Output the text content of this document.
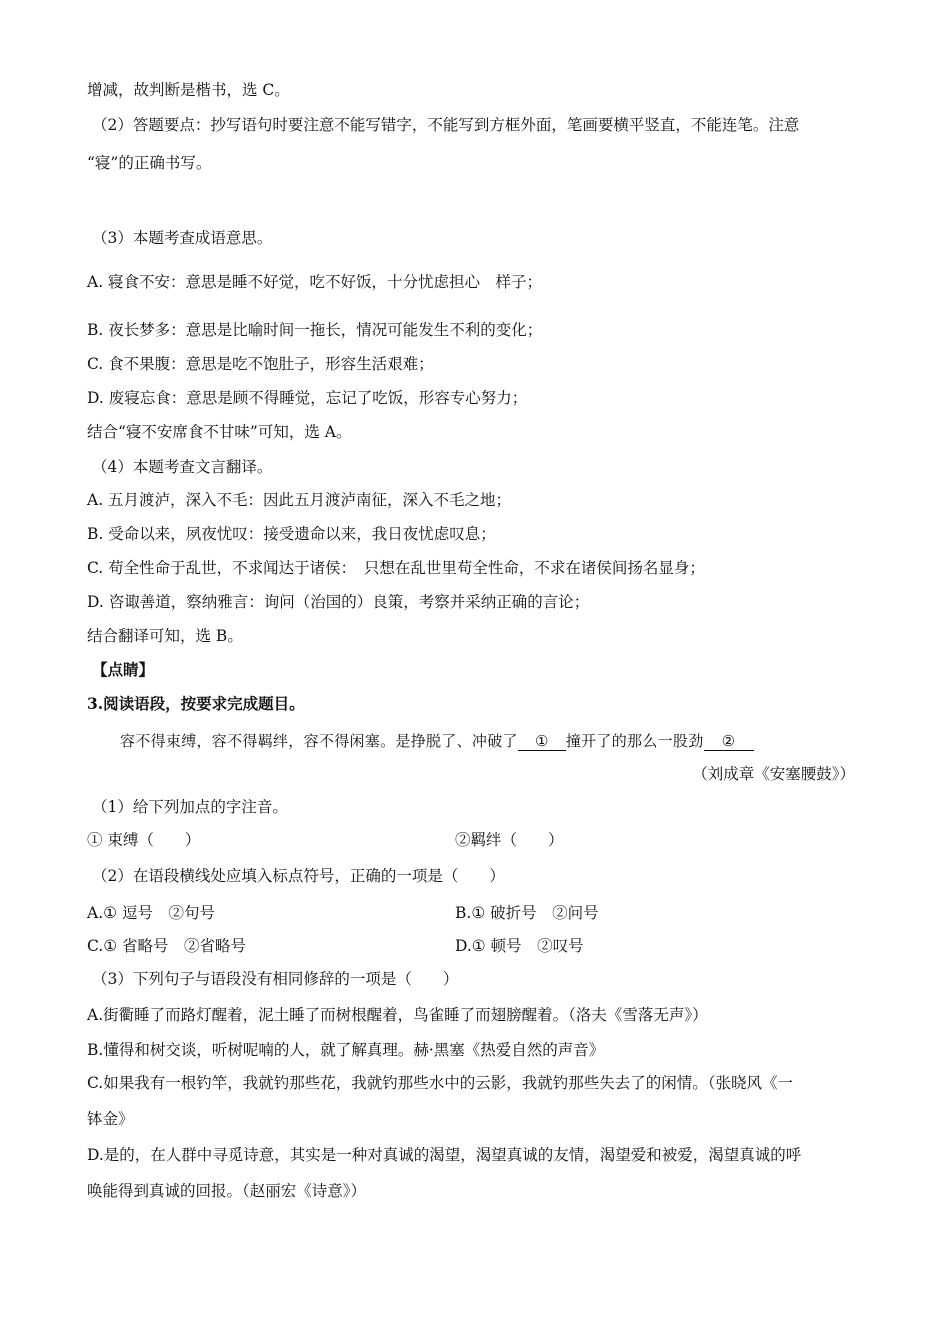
增减，故判断是楷书，选 C。
（2）答题要点：抄写语句时要注意不能写错字，不能写到方框外面，笔画要横平竖直，不能连笔。注意
“寝”的正确书写。
（3）本题考查成语意思。
A. 寝食不安：意思是睡不好觉，吃不好饭，十分忧虑担心　样子；
B. 夜长梦多：意思是比喻时间一拖长，情况可能发生不利的变化；
C. 食不果腹：意思是吃不饱肚子，形容生活艰难；
D. 废寝忘食：意思是顾不得睡觉，忘记了吃饭，形容专心努力；
结合“寝不安席食不甘味”可知，选 A。
（4）本题考查文言翻译。
A. 五月渡泸，深入不毛：因此五月渡泸南征，深入不毛之地；
B. 受命以来，夙夜忧叹：接受遗命以来，我日夜忧虑叹息；
C. 苟全性命于乱世，不求闻达于诸侯：　只想在乱世里苟全性命，不求在诸侯间扬名显身；
D. 咨诹善道，察纳雅言：询问（治国的）良策，考察并采纳正确的言论；
结合翻译可知，选 B。
【点睛】
3.阅读语段，按要求完成题目。
容不得束缚，容不得羁绊，容不得闲塞。是挣脱了、冲破了 ① 撞开了的那么一股劲 ②
（刘成章《安塞腰鼓》）
（1）给下列加点的字注音。
① 束缚（　　）	②羁绊（　　）
（2）在语段横线处应填入标点符号，正确的一项是（　　）
A.① 逗号　②句号	B.① 破折号　②问号
C.① 省略号　②省略号	D.① 顿号　②叹号
（3）下列句子与语段没有相同修辞的一项是（　　）
A.街衢睡了而路灯醒着，泥土睡了而树根醒着，鸟雀睡了而翅膀醒着。（洛夫《雪落无声》）
B.懂得和树交谈，听树呢喃的人，就了解真理。赫·黑塞《热爱自然的声音》
C.如果我有一根钓竿，我就钓那些花，我就钓那些水中的云影，我就钓那些失去了的闲情。（张晓风《一
钵金》
D.是的，在人群中寻觅诗意，其实是一种对真诚的渴望，渴望真诚的友情，渴望爱和被爱，渴望真诚的呼
唤能得到真诚的回报。（赵丽宏《诗意》）
